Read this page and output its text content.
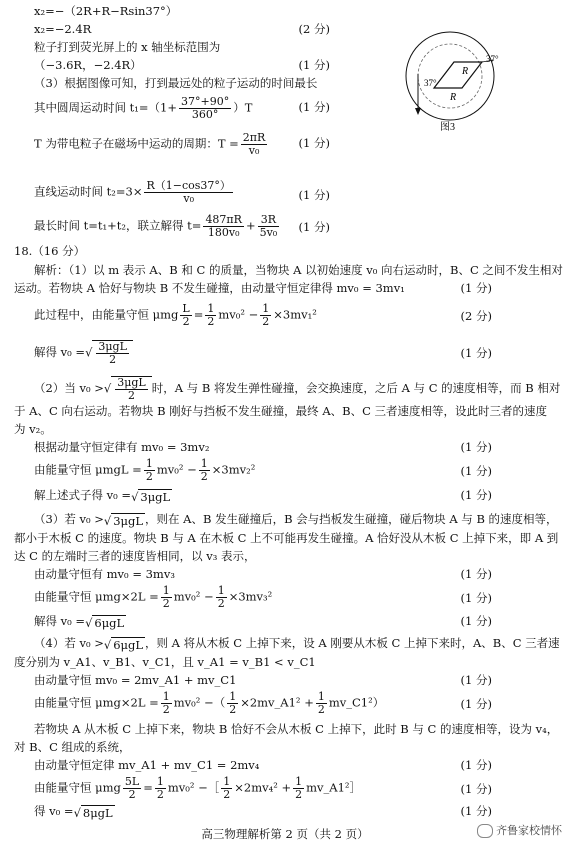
R
R
37°
37°
图3
x₂=−（2R+R−Rsin37°）
x₂=−2.4R	(2 分)
粒子打到荧光屏上的 x 轴坐标范围为
（−3.6R，−2.4R）	(1 分)
（3）根据图像可知，打到最远处的粒子运动的时间最长
其中圆周运动时间 $t_1=(1+ \frac{37^\circ+90^\circ}{360^\circ} )T$	(1 分)
T 为带电粒子在磁场中运动的周期：$T = \frac{2\pi R}{\text{v₀}}$	(1 分)
直线运动时间 $t_2=3\times \frac{R(1-\cos 37^\circ)}{\text{v₀}}$	(1 分)
最长时间 t=t₁+t₂，联立解得 $t= \frac{487\pi R}{\text{180v₀}} + \frac{3R}{\text{5v₀}} (1$ 分)
18.（16 分）
解析：（1）以 m 表示 A、B 和 C 的质量，当物块 A 以初始速度 v₀ 向右运动时，B、C 之间不发生相对
运动。若物块 A 恰好与物块 B 不发生碰撞，由动量守恒定律得 mv₀ = 3mv₁	(1 分)
此过程中，由能量守恒 μmg $\frac{L}{2} = \frac{1}{2} mv_0^2 - \frac{1}{2} \times 3mv_1^2$	(2 分)
解得 v₀ =√ $\frac{\text{3μgL}}{2}$	(1 分)
（2）当 v₀ >√ $\frac{\text{3μgL}}{2}$ 时，A 与 B 将发生弹性碰撞，会交换速度，之后 A 与 C 的速度相等，而 B 相对
于 A、C 向右运动。若物块 B 刚好与挡板不发生碰撞，最终 A、B、C 三者速度相等，设此时三者的速度
为 v₂。
根据动量守恒定律有 mv₀ = 3mv₂	(1 分)
由能量守恒 $\mu mgL = \frac{1}{2} mv_0^2 - \frac{1}{2} \times 3mv_2^2$	(1 分)
解上述式子得 v₀ =√ 3μgL	(1 分)
（3）若 v₀ >√ 3μgL ，则在 A、B 发生碰撞后，B 会与挡板发生碰撞，碰后物块 A 与 B 的速度相等，
都小于木板 C 的速度。物块 B 与 A 在木板 C 上不可能再发生碰撞。A 恰好没从木板 C 上掉下来，即 A 到
达 C 的左端时三者的速度皆相同，以 v₃ 表示，
由动量守恒有 mv₀ = 3mv₃	(1 分)
由能量守恒 $\mu mg\times 2L = \frac{1}{2} mv_0^2 - \frac{1}{2} \times 3mv_3^2$	(1 分)
解得 v₀ =√ 6μgL	(1 分)
（4）若 v₀ >√ 6μgL ，则 A 将从木板 C 上掉下来，设 A 刚要从木板 C 上掉下来时，A、B、C 三者速
度分别为 v_A1、v_B1、v_C1，且 v_A1 = v_B1 < v_C1
由动量守恒 mv₀ = 2mv_A1 + mv_C1	(1 分)
由能量守恒 $\mu mg\times 2L = \frac{1}{2} mv_0^2$ −（ $\frac{1}{2}$ ×2mv_A1² + $\frac{1}{2}$ mv_C1²）	(1 分)
若物块 A 从木板 C 上掉下来，物块 B 恰好不会从木板 C 上掉下，此时 B 与 C 的速度相等，设为 v₄，
对 B、C 组成的系统，
由动量守恒定律 mv_A1 + mv_C1 = 2mv₄	(1 分)
由能量守恒 μmg $\frac{5L}{2} = \frac{1}{2} mv_0^2$ −［ $\frac{1}{2} \times 2mv_4^2 + \frac{1}{2}$ mv_A1²］	(1 分)
得 v₀ =√ 8μgL	(1 分)
高三物理解析第 2 页（共 2 页）	齐鲁家校情怀
